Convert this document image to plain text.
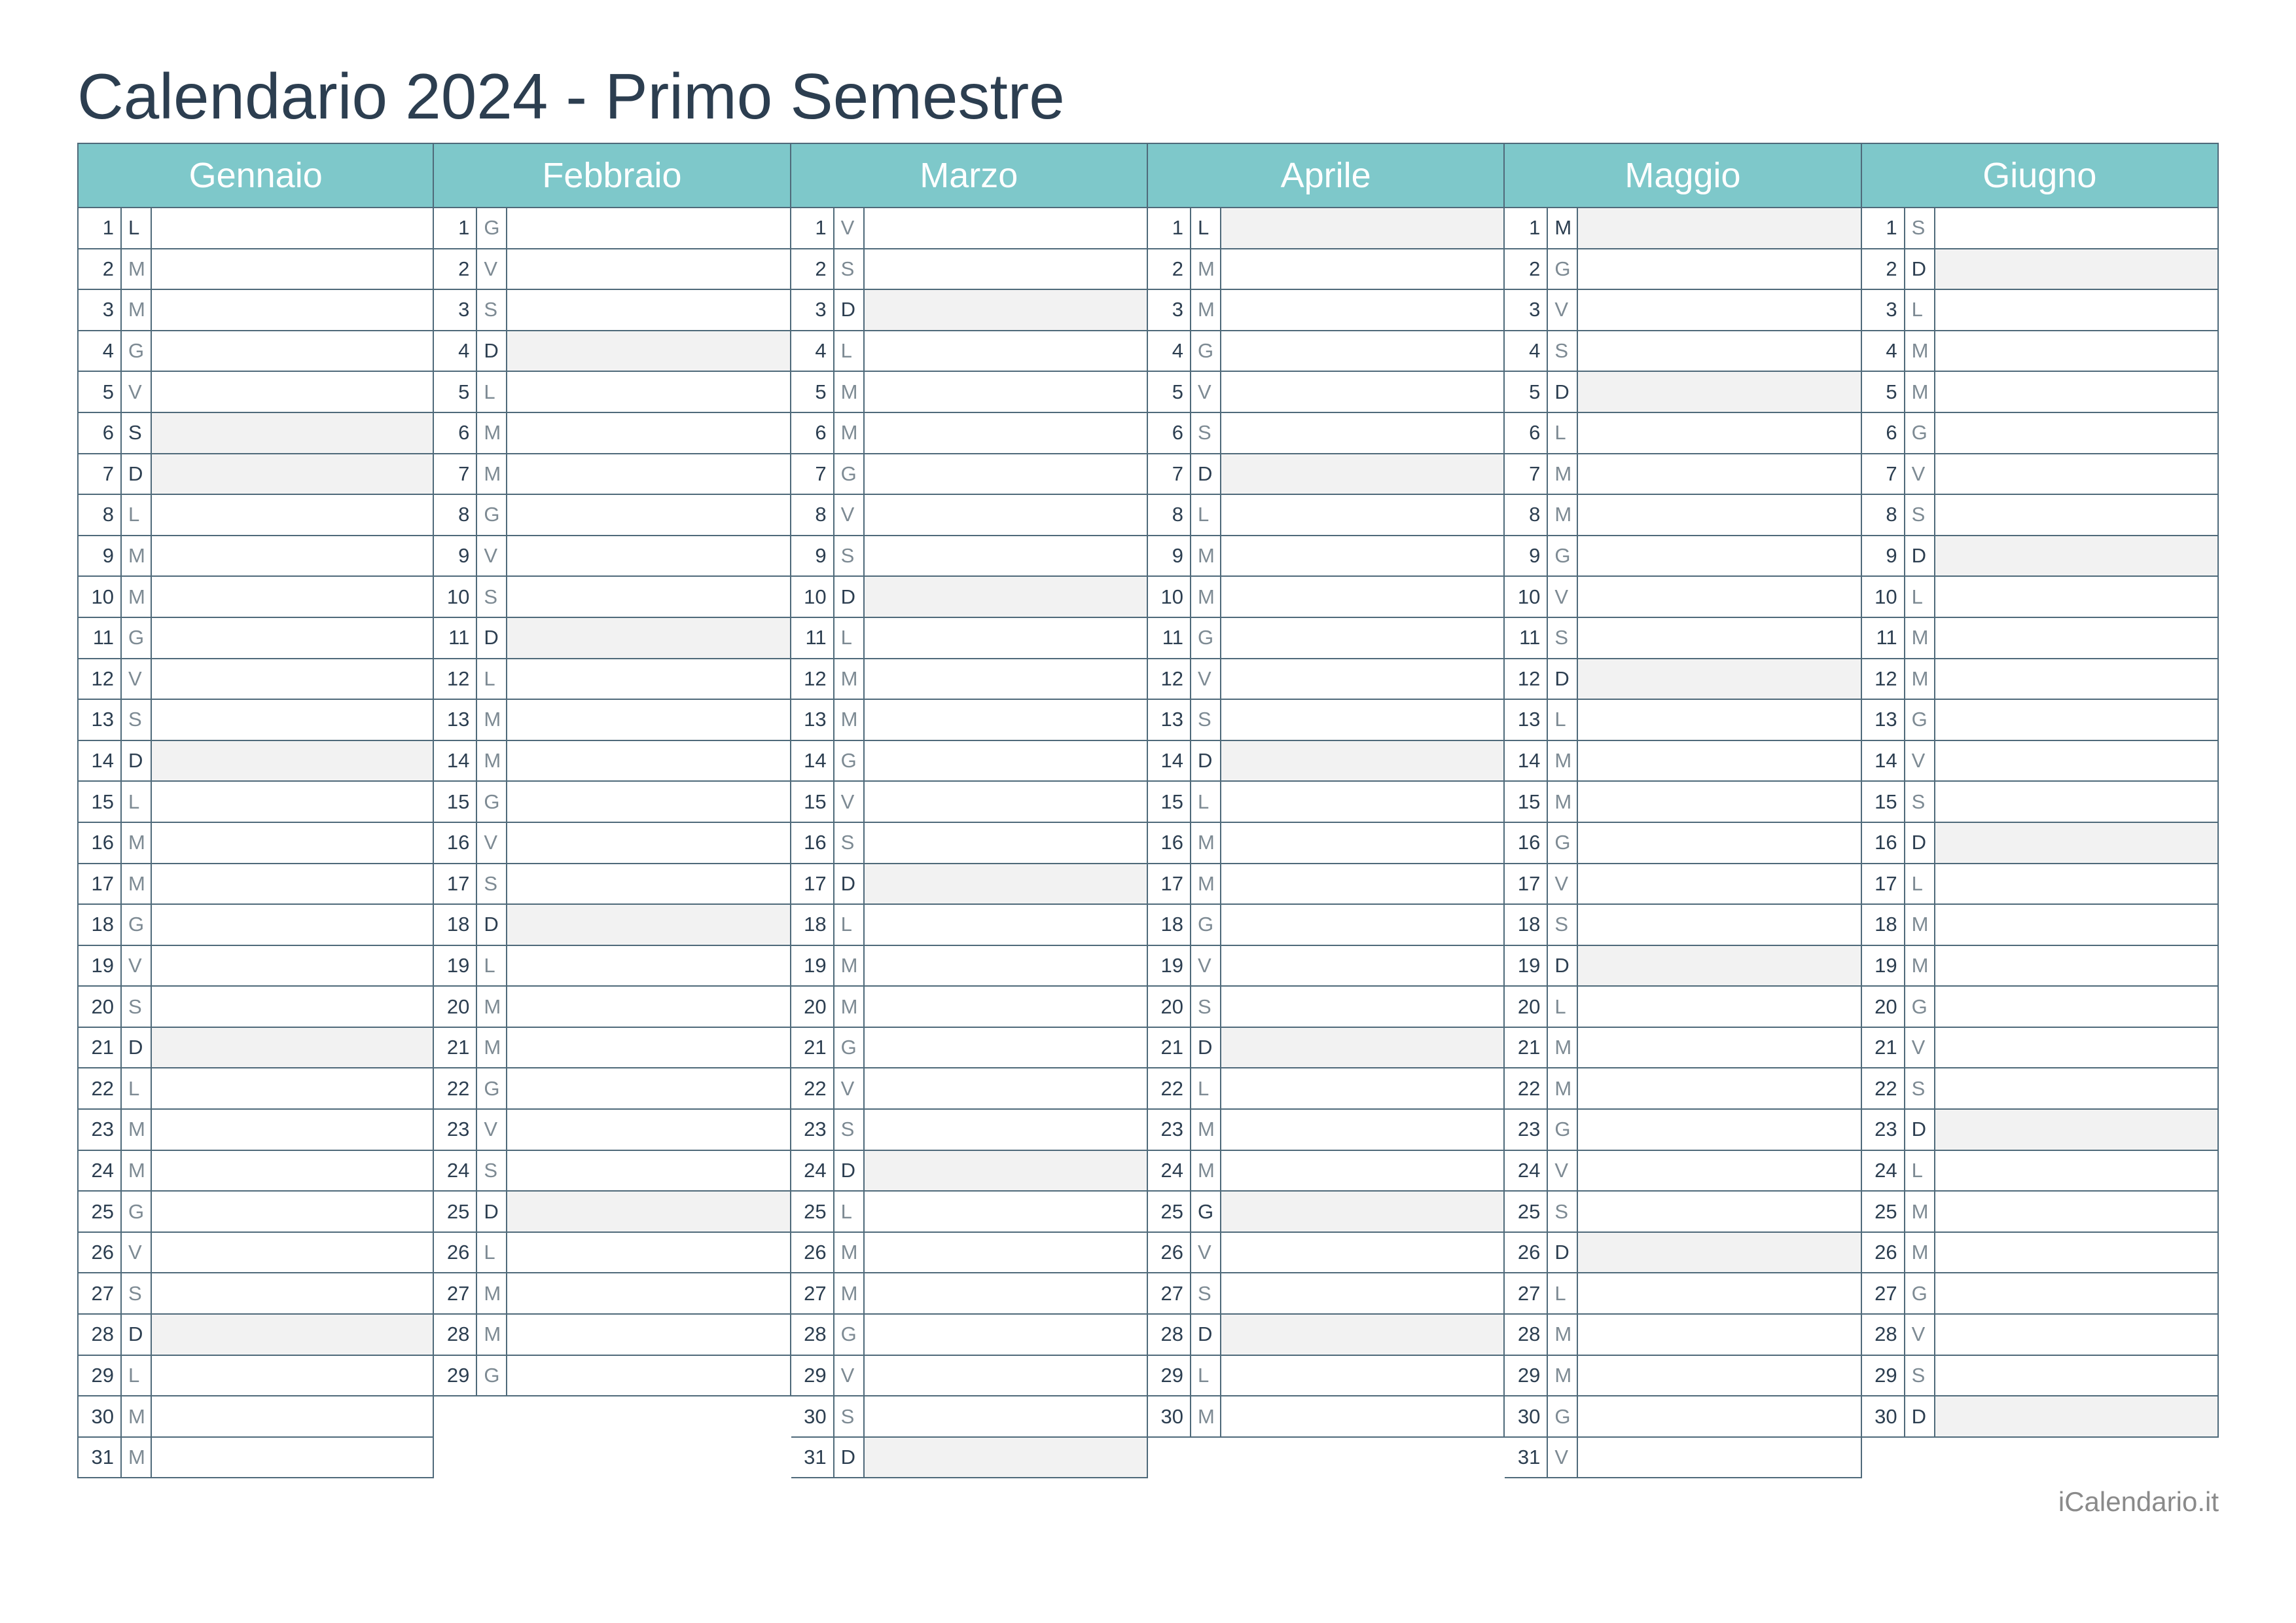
Calendario 2024 - Primo Semestre
Gennaio
1 L
2 M
3 M
4 G
5 V
6 S
7 D
8 L
9 M
10 M
11 G
12 V
13 S
14 D
15 L
16 M
17 M
18 G
19 V
20 S
21 D
22 L
23 M
24 M
25 G
26 V
27 S
28 D
29 L
30 M
31 M
Febbraio
1 G
2 V
3 S
4 D
5 L
6 M
7 M
8 G
9 V
10 S
11 D
12 L
13 M
14 M
15 G
16 V
17 S
18 D
19 L
20 M
21 M
22 G
23 V
24 S
25 D
26 L
27 M
28 M
29 G
Marzo
1 V
2 S
3 D
4 L
5 M
6 M
7 G
8 V
9 S
10 D
11 L
12 M
13 M
14 G
15 V
16 S
17 D
18 L
19 M
20 M
21 G
22 V
23 S
24 D
25 L
26 M
27 M
28 G
29 V
30 S
31 D
Aprile
1 L
2 M
3 M
4 G
5 V
6 S
7 D
8 L
9 M
10 M
11 G
12 V
13 S
14 D
15 L
16 M
17 M
18 G
19 V
20 S
21 D
22 L
23 M
24 M
25 G
26 V
27 S
28 D
29 L
30 M
Maggio
1 M
2 G
3 V
4 S
5 D
6 L
7 M
8 M
9 G
10 V
11 S
12 D
13 L
14 M
15 M
16 G
17 V
18 S
19 D
20 L
21 M
22 M
23 G
24 V
25 S
26 D
27 L
28 M
29 M
30 G
31 V
Giugno
1 S
2 D
3 L
4 M
5 M
6 G
7 V
8 S
9 D
10 L
11 M
12 M
13 G
14 V
15 S
16 D
17 L
18 M
19 M
20 G
21 V
22 S
23 D
24 L
25 M
26 M
27 G
28 V
29 S
30 D
iCalendario.it
